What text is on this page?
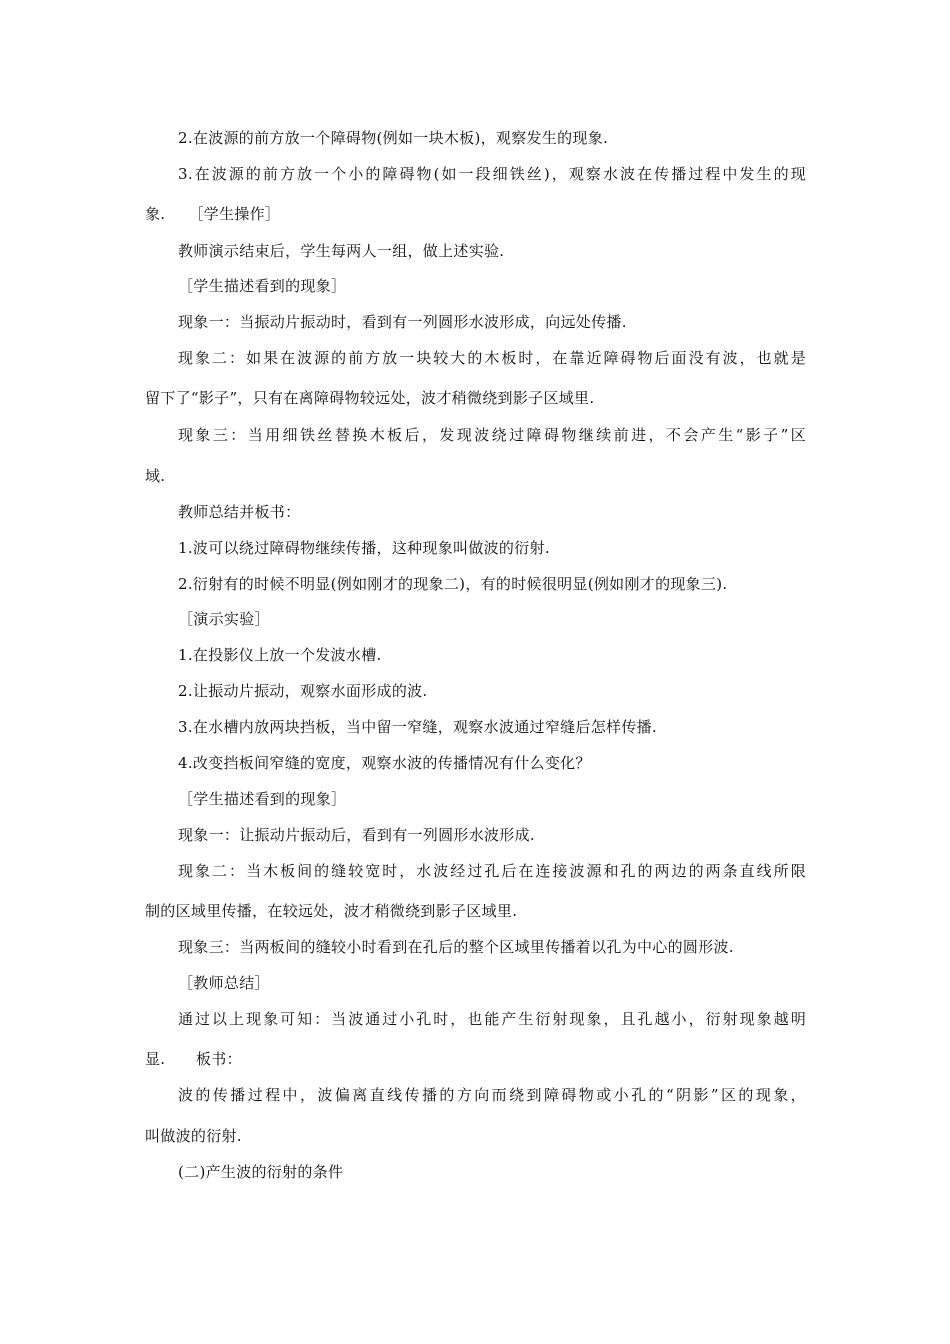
2.在波源的前方放一个障碍物(例如一块木板)，观察发生的现象.
3.在波源的前方放一个小的障碍物(如一段细铁丝)，观察水波在传播过程中发生的现
象.　　［学生操作］
教师演示结束后，学生每两人一组，做上述实验.
［学生描述看到的现象］
现象一：当振动片振动时，看到有一列圆形水波形成，向远处传播.
现象二：如果在波源的前方放一块较大的木板时，在靠近障碍物后面没有波，也就是
留下了“影子”，只有在离障碍物较远处，波才稍微绕到影子区域里.
现象三：当用细铁丝替换木板后，发现波绕过障碍物继续前进，不会产生“影子”区
域.
教师总结并板书：
1.波可以绕过障碍物继续传播，这种现象叫做波的衍射.
2.衍射有的时候不明显(例如刚才的现象二)，有的时候很明显(例如刚才的现象三).
［演示实验］
1.在投影仪上放一个发波水槽.
2.让振动片振动，观察水面形成的波.
3.在水槽内放两块挡板，当中留一窄缝，观察水波通过窄缝后怎样传播.
4.改变挡板间窄缝的宽度，观察水波的传播情况有什么变化？
［学生描述看到的现象］
现象一：让振动片振动后，看到有一列圆形水波形成.
现象二：当木板间的缝较宽时，水波经过孔后在连接波源和孔的两边的两条直线所限
制的区域里传播，在较远处，波才稍微绕到影子区域里.
现象三：当两板间的缝较小时看到在孔后的整个区域里传播着以孔为中心的圆形波.
［教师总结］
通过以上现象可知：当波通过小孔时，也能产生衍射现象，且孔越小，衍射现象越明
显.　　板书：
波的传播过程中，波偏离直线传播的方向而绕到障碍物或小孔的“阴影”区的现象，
叫做波的衍射.
(二)产生波的衍射的条件
